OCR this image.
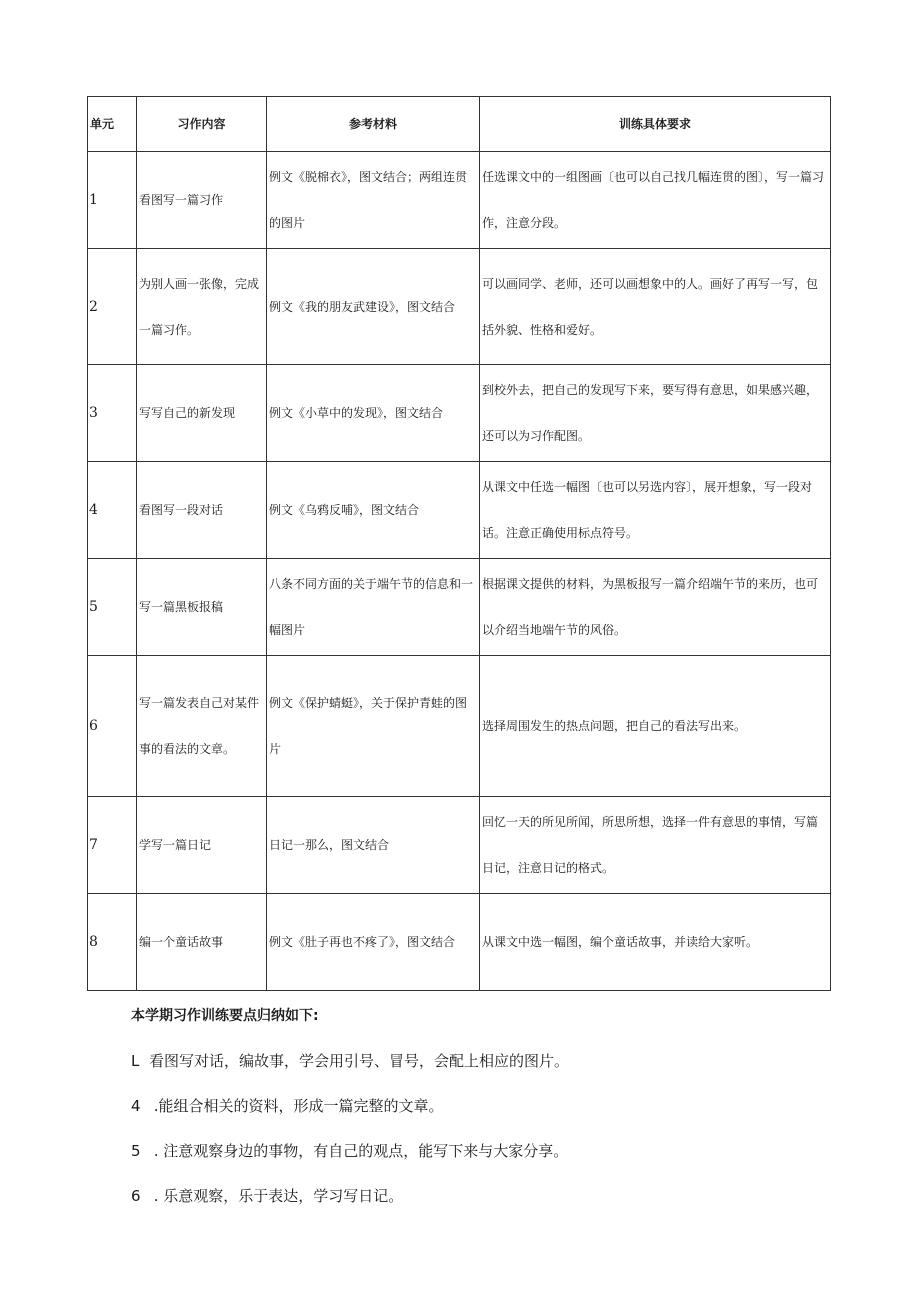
单元	习作内容	参考材料	训练具体要求
1	看图写一篇习作	例文《脱棉衣》，图文结合；两组连贯的图片	任选课文中的一组图画〔也可以自己找几幅连贯的图〕，写一篇习作，注意分段。
2	为别人画一张像，完成一篇习作。	例文《我的朋友武建设》，图文结合	可以画同学、老师，还可以画想象中的人。画好了再写一写，包括外貌、性格和爱好。
3	写写自己的新发现	例文《小草中的发现》，图文结合	到校外去，把自己的发现写下来，要写得有意思，如果感兴趣，还可以为习作配图。
4	看图写一段对话	例文《乌鸦反哺》，图文结合	从课文中任选一幅图〔也可以另选内容〕，展开想象，写一段对话。注意正确使用标点符号。
5	写一篇黑板报稿	八条不同方面的关于端午节的信息和一幅图片	根据课文提供的材料，为黑板报写一篇介绍端午节的来历，也可以介绍当地端午节的风俗。
6	写一篇发表自己对某件事的看法的文章。	例文《保护蜻蜓》，关于保护青蛙的图片	选择周围发生的热点问题，把自己的看法写出来。
7	学写一篇日记	日记一那么，图文结合	回忆一天的所见所闻，所思所想，选择一件有意思的事情，写篇日记，注意日记的格式。
8	编一个童话故事	例文《肚子再也不疼了》，图文结合	从课文中选一幅图，编个童话故事，并读给大家听。

本学期习作训练要点归纳如下:

L 看图写对话，编故事，学会用引号、冒号，会配上相应的图片。

4 .能组合相关的资料，形成一篇完整的文章。

5 . 注意观察身边的事物，有自己的观点，能写下来与大家分享。

6 . 乐意观察，乐于表达，学习写日记。
